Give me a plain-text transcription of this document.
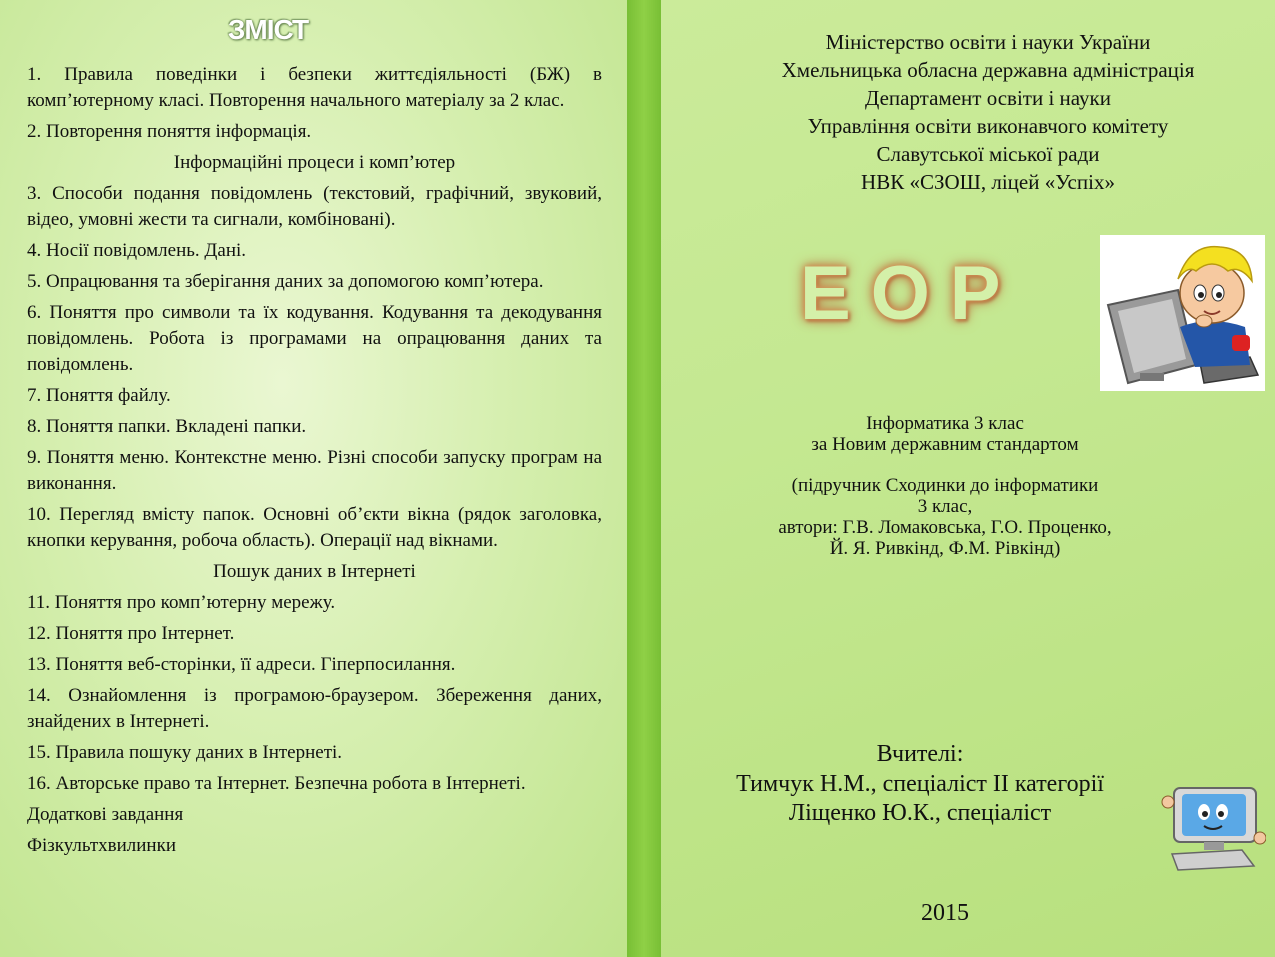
ЗМІСТ
1. Правила поведінки і безпеки життєдіяльності (БЖ) в комп’ютерному класі. Повторення начального матеріалу за 2 клас.
2. Повторення поняття інформація.
Інформаційні процеси і комп’ютер
3. Способи подання повідомлень (текстовий, графічний, звуковий, відео, умовні жести та сигнали, комбіновані).
4. Носії повідомлень. Дані.
5. Опрацювання та зберігання даних за допомогою комп’ютера.
6. Поняття про символи та їх кодування. Кодування та декодування повідомлень. Робота із програмами на опрацювання даних та повідомлень.
7. Поняття файлу.
8. Поняття папки. Вкладені папки.
9. Поняття меню. Контекстне меню. Різні способи запуску програм на виконання.
10. Перегляд вмісту папок. Основні об’єкти вікна (рядок заголовка, кнопки керування, робоча область). Операції над вікнами.
Пошук даних в Інтернеті
11. Поняття про комп’ютерну мережу.
12. Поняття про Інтернет.
13. Поняття веб-сторінки, її адреси. Гіперпосилання.
14. Ознайомлення із програмою-браузером. Збереження даних, знайдених в Інтернеті.
15. Правила пошуку даних в Інтернеті.
16. Авторське право та Інтернет. Безпечна робота в Інтернеті.
Додаткові завдання
Фізкультхвилинки
Міністерство освіти і науки України
Хмельницька обласна державна адміністрація
Департамент освіти і науки
Управління освіти виконавчого комітету
Славутської міської ради
НВК «СЗОШ, ліцей «Успіх»
ЕОР
Інформатика 3 клас
за Новим державним стандартом
(підручник Сходинки до інформатики
3 клас,
автори: Г.В. Ломаковська, Г.О. Проценко,
Й. Я. Ривкінд, Ф.М. Рівкінд)
Вчителі:
Тимчук Н.М., спеціаліст ІІ категорії
Ліщенко Ю.К., спеціаліст
2015
